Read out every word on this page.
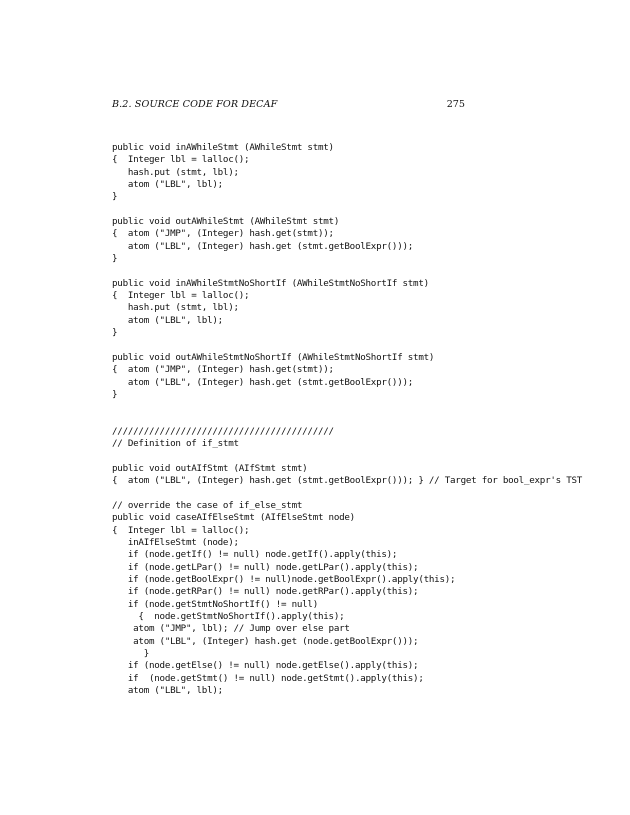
B.2. SOURCE CODE FOR DECAF	275
public void inAWhileStmt (AWhileStmt stmt)
{  Integer lbl = lalloc();
hash.put (stmt, lbl);
atom ("LBL", lbl);
}
public void outAWhileStmt (AWhileStmt stmt)
{  atom ("JMP", (Integer) hash.get(stmt));
atom ("LBL", (Integer) hash.get (stmt.getBoolExpr()));
}
public void inAWhileStmtNoShortIf (AWhileStmtNoShortIf stmt)
{  Integer lbl = lalloc();
hash.put (stmt, lbl);
atom ("LBL", lbl);
}
public void outAWhileStmtNoShortIf (AWhileStmtNoShortIf stmt)
{  atom ("JMP", (Integer) hash.get(stmt));
atom ("LBL", (Integer) hash.get (stmt.getBoolExpr()));
}
//////////////////////////////////////////
// Definition of if_stmt
public void outAIfStmt (AIfStmt stmt)
{  atom ("LBL", (Integer) hash.get (stmt.getBoolExpr())); } // Target for bool_expr's TST
// override the case of if_else_stmt
public void caseAIfElseStmt (AIfElseStmt node)
{  Integer lbl = lalloc();
inAIfElseStmt (node);
if (node.getIf() != null) node.getIf().apply(this);
if (node.getLPar() != null) node.getLPar().apply(this);
if (node.getBoolExpr() != null)node.getBoolExpr().apply(this);
if (node.getRPar() != null) node.getRPar().apply(this);
if (node.getStmtNoShortIf() != null)
{  node.getStmtNoShortIf().apply(this);
atom ("JMP", lbl); // Jump over else part
atom ("LBL", (Integer) hash.get (node.getBoolExpr()));
}
if (node.getElse() != null) node.getElse().apply(this);
if  (node.getStmt() != null) node.getStmt().apply(this);
atom ("LBL", lbl);
